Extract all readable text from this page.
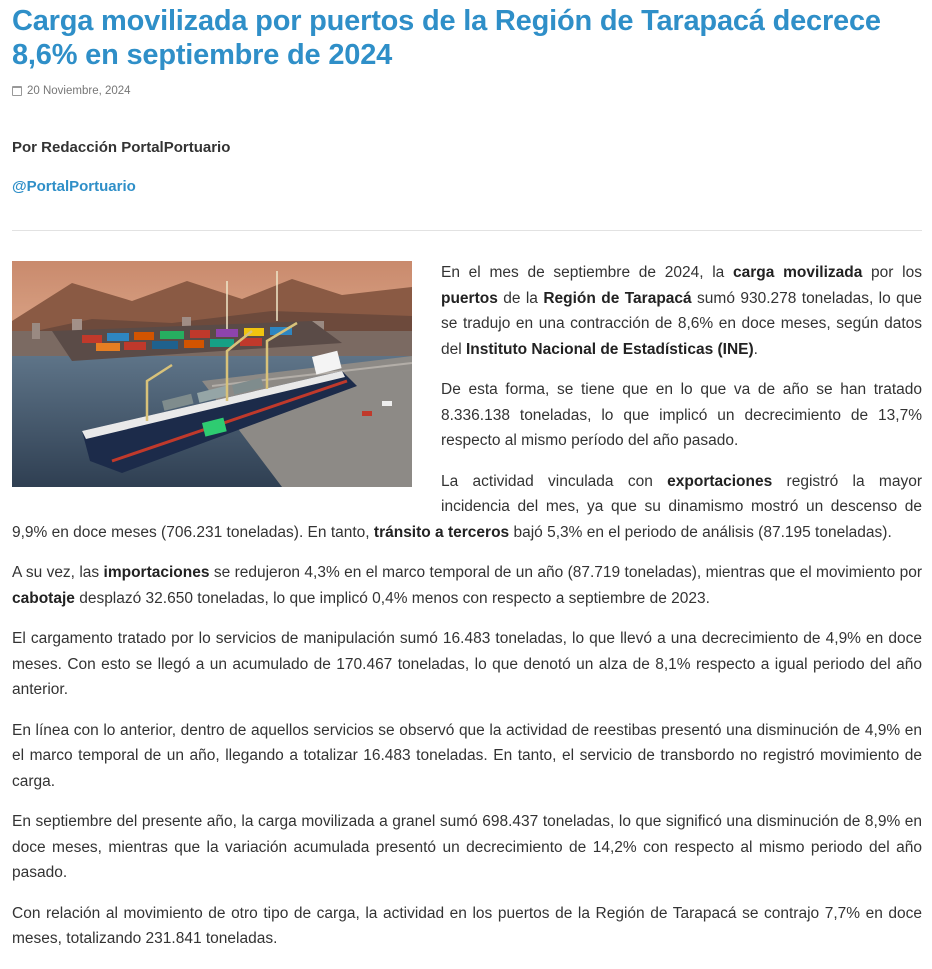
Carga movilizada por puertos de la Región de Tarapacá decrece 8,6% en septiembre de 2024
20 Noviembre, 2024
Por Redacción PortalPortuario
@PortalPortuario

En el mes de septiembre de 2024, la carga movilizada por los puertos de la Región de Tarapacá sumó 930.278 toneladas, lo que se tradujo en una contracción de 8,6% en doce meses, según datos del Instituto Nacional de Estadísticas (INE).

De esta forma, se tiene que en lo que va de año se han tratado 8.336.138 toneladas, lo que implicó un decrecimiento de 13,7% respecto al mismo período del año pasado.

La actividad vinculada con exportaciones registró la mayor incidencia del mes, ya que su dinamismo mostró un descenso de 9,9% en doce meses (706.231 toneladas). En tanto, tránsito a terceros bajó 5,3% en el periodo de análisis (87.195 toneladas).

A su vez, las importaciones se redujeron 4,3% en el marco temporal de un año (87.719 toneladas), mientras que el movimiento por cabotaje desplazó 32.650 toneladas, lo que implicó 0,4% menos con respecto a septiembre de 2023.

El cargamento tratado por lo servicios de manipulación sumó 16.483 toneladas, lo que llevó a una decrecimiento de 4,9% en doce meses. Con esto se llegó a un acumulado de 170.467 toneladas, lo que denotó un alza de 8,1% respecto a igual periodo del año anterior.

En línea con lo anterior, dentro de aquellos servicios se observó que la actividad de reestibas presentó una disminución de 4,9% en el marco temporal de un año, llegando a totalizar 16.483 toneladas. En tanto, el servicio de transbordo no registró movimiento de carga.

En septiembre del presente año, la carga movilizada a granel sumó 698.437 toneladas, lo que significó una disminución de 8,9% en doce meses, mientras que la variación acumulada presentó un decrecimiento de 14,2% con respecto al mismo periodo del año pasado.

Con relación al movimiento de otro tipo de carga, la actividad en los puertos de la Región de Tarapacá se contrajo 7,7% en doce meses, totalizando 231.841 toneladas.
